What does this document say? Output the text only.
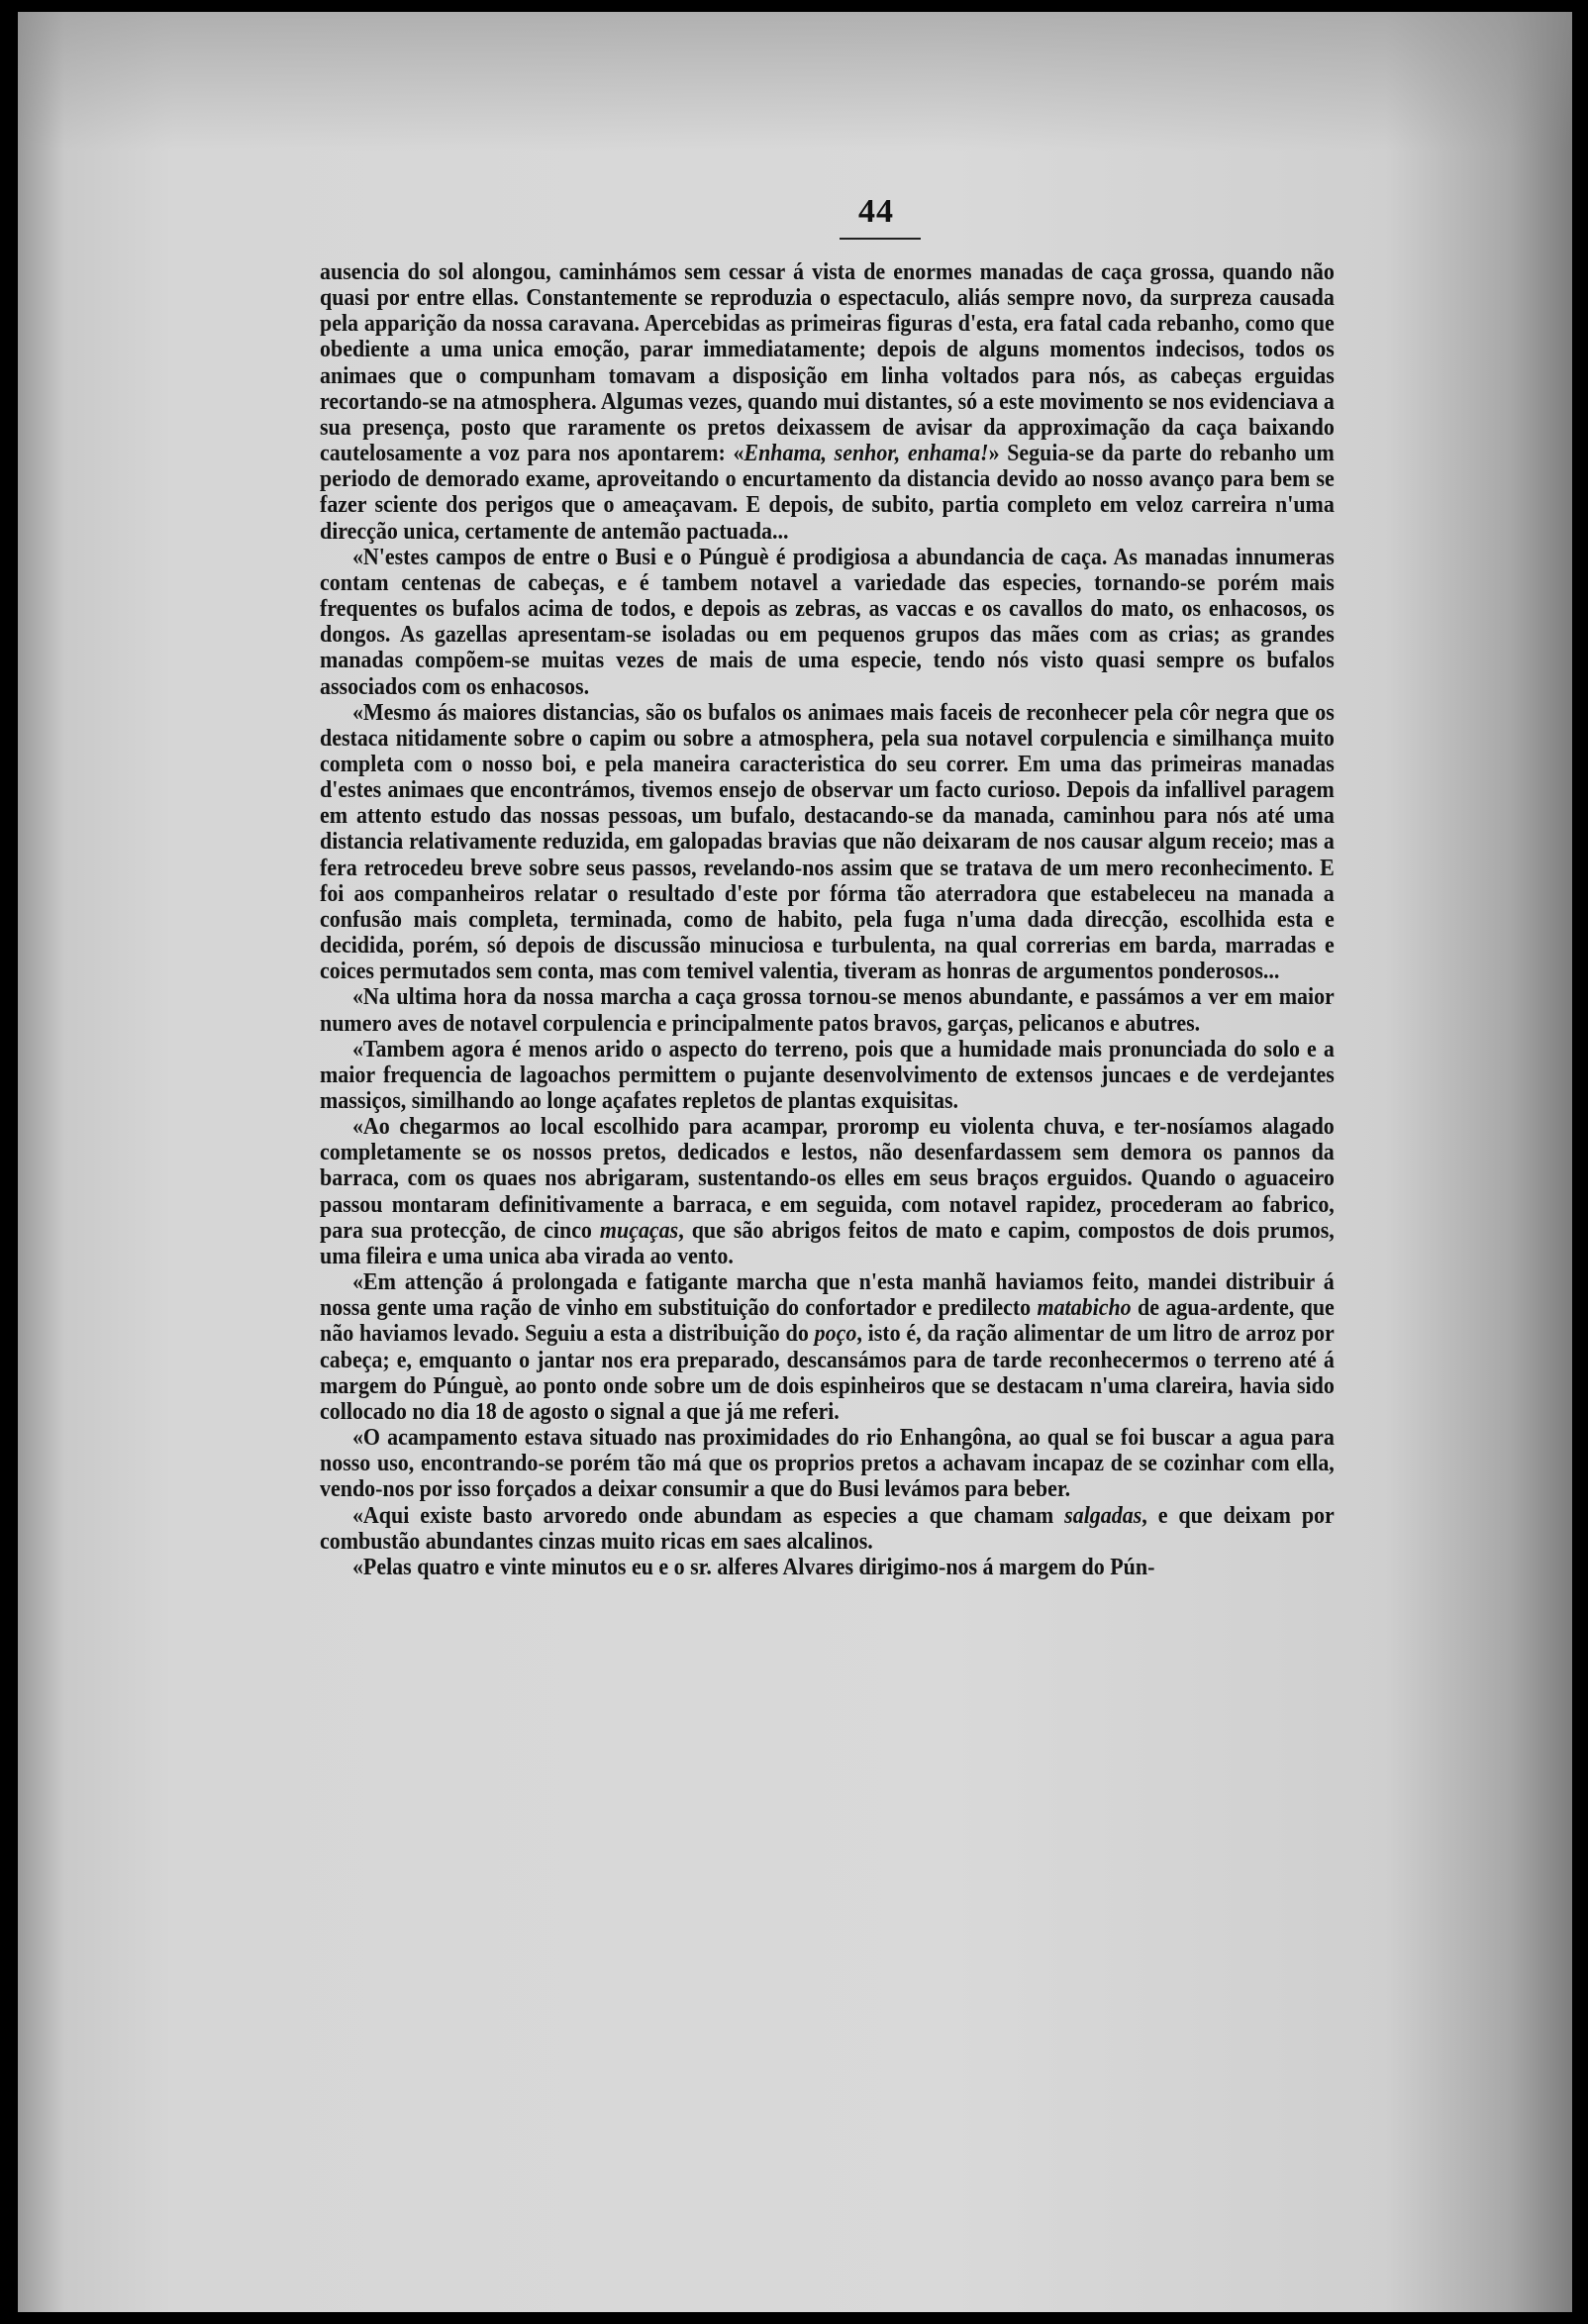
44

ausencia do sol alongou, caminhámos sem cessar á vista de enormes manadas de caça grossa, quando não quasi por entre ellas. Constantemente se reproduzia o espectaculo, aliás sempre novo, da surpreza causada pela apparição da nossa caravana. Apercebidas as primeiras figuras d'esta, era fatal cada rebanho, como que obediente a uma unica emoção, parar immediatamente; depois de alguns momentos indecisos, todos os animaes que o compunham tomavam a disposição em linha voltados para nós, as cabeças erguidas recortando-se na atmosphera. Algumas vezes, quando mui distantes, só a este movimento se nos evidenciava a sua presença, posto que raramente os pretos deixassem de avisar da approximação da caça baixando cautelosamente a voz para nos apontarem: «Enhama, senhor, enhama!» Seguia-se da parte do rebanho um periodo de demorado exame, aproveitando o encurtamento da distancia devido ao nosso avanço para bem se fazer sciente dos perigos que o ameaçavam. E depois, de subito, partia completo em veloz carreira n'uma direcção unica, certamente de antemão pactuada...

«N'estes campos de entre o Busi e o Púnguè é prodigiosa a abundancia de caça. As manadas innumeras contam centenas de cabeças, e é tambem notavel a variedade das especies, tornando-se porém mais frequentes os bufalos acima de todos, e depois as zebras, as vaccas e os cavallos do mato, os enhacosos, os dongos. As gazellas apresentam-se isoladas ou em pequenos grupos das mães com as crias; as grandes manadas compõem-se muitas vezes de mais de uma especie, tendo nós visto quasi sempre os bufalos associados com os enhacosos.

«Mesmo ás maiores distancias, são os bufalos os animaes mais faceis de reconhecer pela côr negra que os destaca nitidamente sobre o capim ou sobre a atmosphera, pela sua notavel corpulencia e similhança muito completa com o nosso boi, e pela maneira caracteristica do seu correr. Em uma das primeiras manadas d'estes animaes que encontrámos, tivemos ensejo de observar um facto curioso. Depois da infallivel paragem em attento estudo das nossas pessoas, um bufalo, destacando-se da manada, caminhou para nós até uma distancia relativamente reduzida, em galopadas bravias que não deixaram de nos causar algum receio; mas a fera retrocedeu breve sobre seus passos, revelando-nos assim que se tratava de um mero reconhecimento. E foi aos companheiros relatar o resultado d'este por fórma tão aterradora que estabeleceu na manada a confusão mais completa, terminada, como de habito, pela fuga n'uma dada direcção, escolhida esta e decidida, porém, só depois de discussão minuciosa e turbulenta, na qual correrias em barda, marradas e coices permutados sem conta, mas com temivel valentia, tiveram as honras de argumentos ponderosos...

«Na ultima hora da nossa marcha a caça grossa tornou-se menos abundante, e passámos a ver em maior numero aves de notavel corpulencia e principalmente patos bravos, garças, pelicanos e abutres.

«Tambem agora é menos arido o aspecto do terreno, pois que a humidade mais pronunciada do solo e a maior frequencia de lagoachos permittem o pujante desenvolvimento de extensos juncaes e de verdejantes massiços, similhando ao longe açafates repletos de plantas exquisitas.

«Ao chegarmos ao local escolhido para acampar, proromp eu violenta chuva, e ter-nosíamos alagado completamente se os nossos pretos, dedicados e lestos, não desenfardassem sem demora os pannos da barraca, com os quaes nos abrigaram, sustentando-os elles em seus braços erguidos. Quando o aguaceiro passou montaram definitivamente a barraca, e em seguida, com notavel rapidez, procederam ao fabrico, para sua protecção, de cinco muçaças, que são abrigos feitos de mato e capim, compostos de dois prumos, uma fileira e uma unica aba virada ao vento.

«Em attenção á prolongada e fatigante marcha que n'esta manhã haviamos feito, mandei distribuir á nossa gente uma ração de vinho em substituição do confortador e predilecto matabicho de agua-ardente, que não haviamos levado. Seguiu a esta a distribuição do poço, isto é, da ração alimentar de um litro de arroz por cabeça; e, emquanto o jantar nos era preparado, descansámos para de tarde reconhecermos o terreno até á margem do Púnguè, ao ponto onde sobre um de dois espinheiros que se destacam n'uma clareira, havia sido collocado no dia 18 de agosto o signal a que já me referi.

«O acampamento estava situado nas proximidades do rio Enhangôna, ao qual se foi buscar a agua para nosso uso, encontrando-se porém tão má que os proprios pretos a achavam incapaz de se cozinhar com ella, vendo-nos por isso forçados a deixar consumir a que do Busi levámos para beber.

«Aqui existe basto arvoredo onde abundam as especies a que chamam salgadas, e que deixam por combustão abundantes cinzas muito ricas em saes alcalinos.

«Pelas quatro e vinte minutos eu e o sr. alferes Alvares dirigimo-nos á margem do Pún-
